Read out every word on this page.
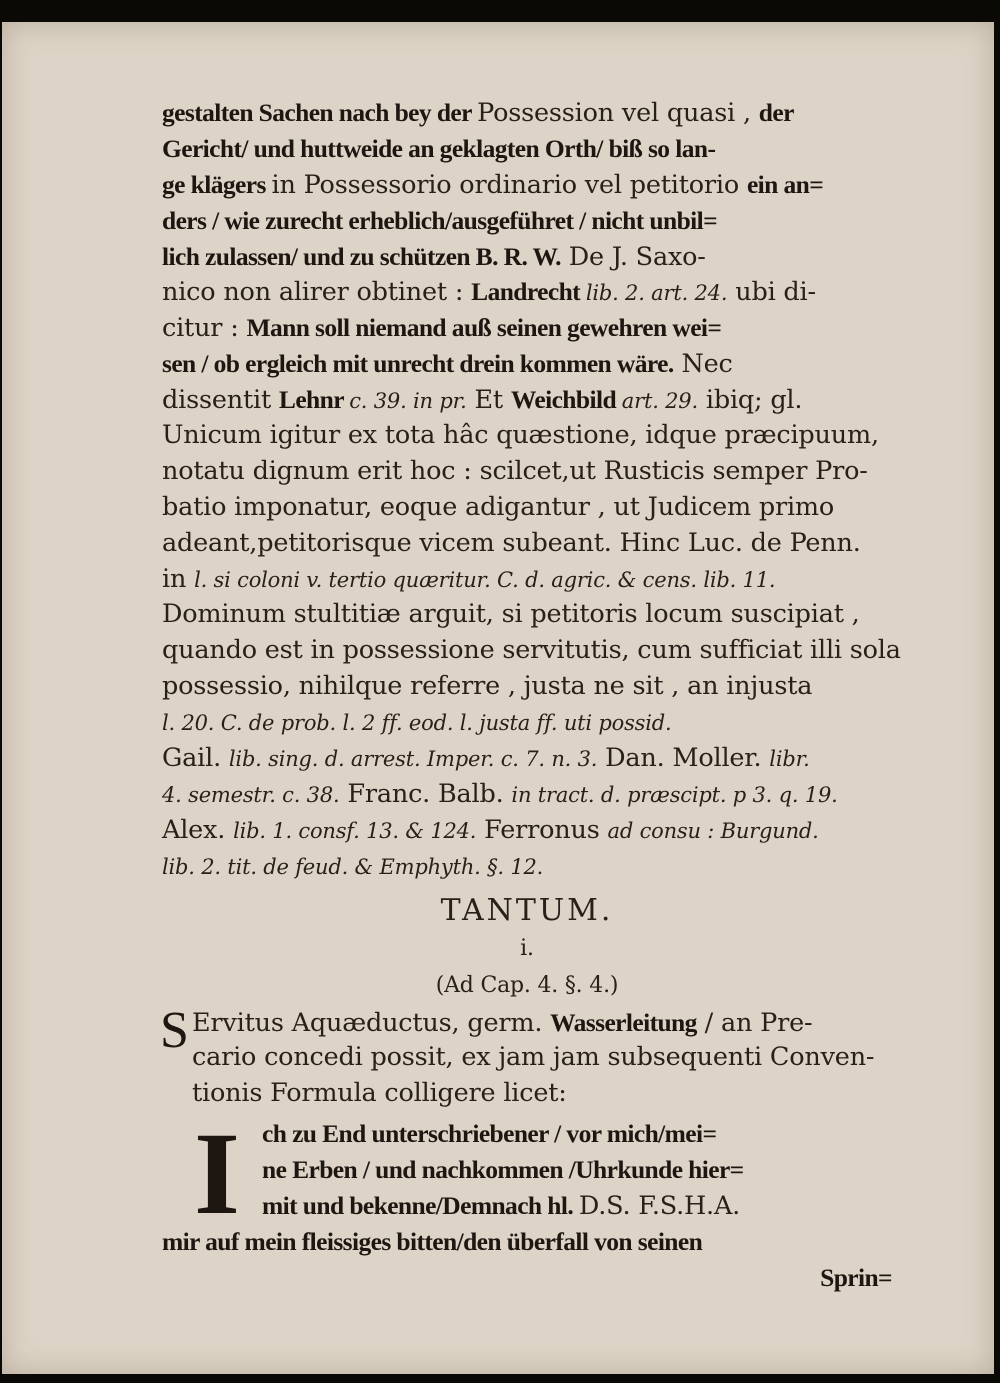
gestalten Sachen nach bey der Possession vel quasi , der
Gericht/ und huttweide an geklagten Orth/ biß so lan-
ge klägers in Possessorio ordinario vel petitorio ein an=
ders / wie zurecht erheblich/ausgeführet / nicht unbil=
lich zulassen/ und zu schützen B. R. W. De J. Saxo-
nico non alirer obtinet : Landrecht lib. 2. art. 24. ubi di-
citur : Mann soll niemand auß seinen gewehren wei=
sen / ob ergleich mit unrecht drein kommen wäre. Nec
dissentit Lehnr c. 39. in pr. Et Weichbild art. 29. ibiq; gl.
Unicum igitur ex tota hâc quæstione, idque præcipuum,
notatu dignum erit hoc : scilcet,ut Rusticis semper Pro-
batio imponatur, eoque adigantur , ut Judicem primo
adeant,petitorisque vicem subeant. Hinc Luc. de Penn.
in l. si coloni v. tertio quæritur. C. d. agric. & cens. lib. 11.
Dominum stultitiæ arguit, si petitoris locum suscipiat ,
quando est in possessione servitutis, cum sufficiat illi sola
possessio, nihilque referre , justa ne sit , an injusta
l. 20. C. de prob. l. 2 ff. eod. l. justa ff. uti possid.
Gail. lib. sing. d. arrest. Imper. c. 7. n. 3. Dan. Moller. libr.
4. semestr. c. 38. Franc. Balb. in tract. d. præscipt. p 3. q. 19.
Alex. lib. 1. consf. 13. & 124. Ferronus ad consu : Burgund.
lib. 2. tit. de feud. & Emphyth. §. 12.
TANTUM.
i.
(Ad Cap. 4. §. 4.)
S Ervitus Aquæductus, germ. Wasserleitung / an Pre-
cario concedi possit, ex jam jam subsequenti Conven-
tionis Formula colligere licet:
I ch zu End unterschriebener / vor mich/mei=
ne Erben / und nachkommen /Uhrkunde hier=
mit und bekenne/Demnach hl. D.S. F.S.H.A.
mir auf mein fleissiges bitten/den überfall von seinen
Sprin=
